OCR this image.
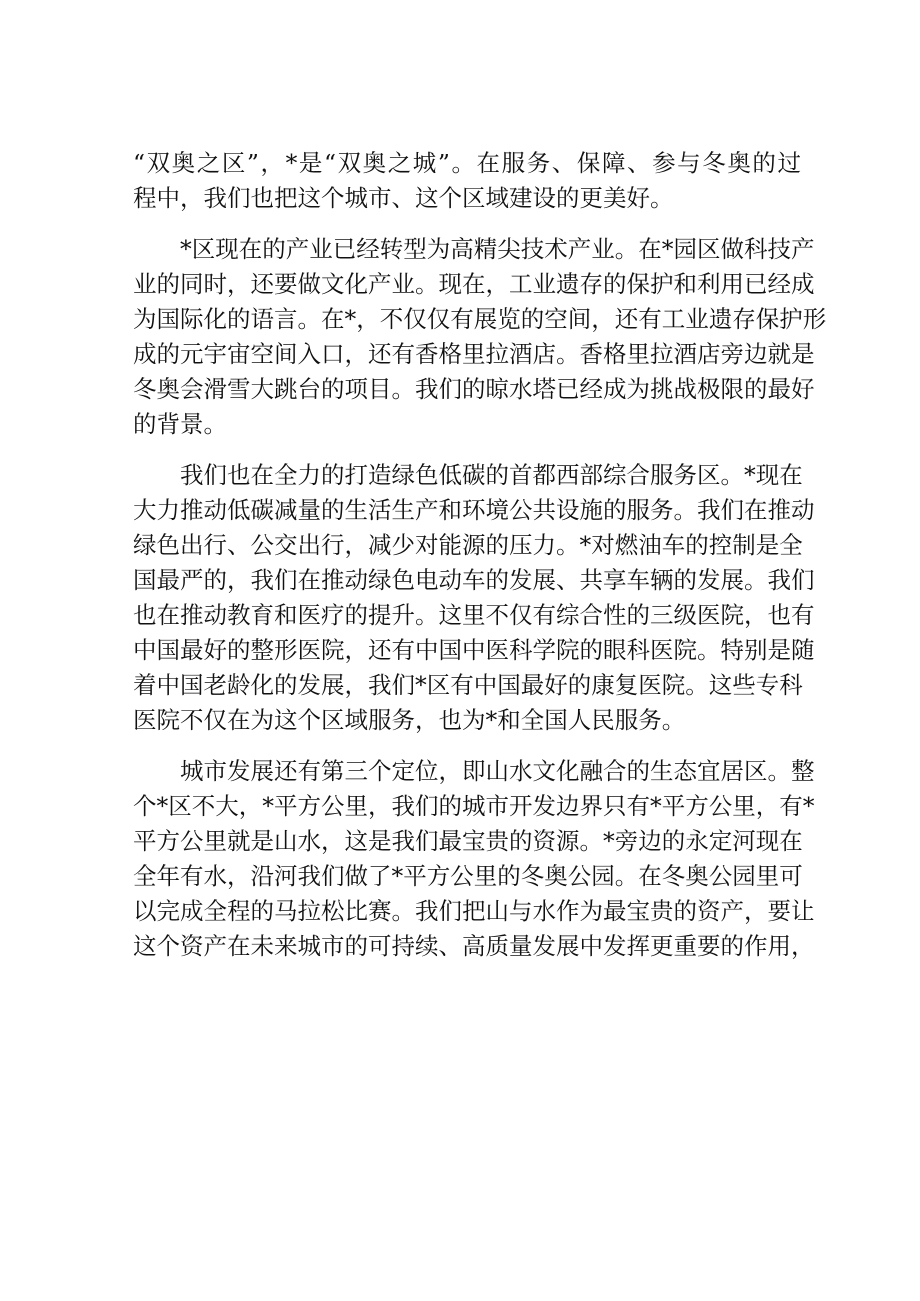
“双奥之区”，*是“双奥之城”。在服务、保障、参与冬奥的过
程中，我们也把这个城市、这个区域建设的更美好。

*区现在的产业已经转型为高精尖技术产业。在*园区做科技产
业的同时，还要做文化产业。现在，工业遗存的保护和利用已经成
为国际化的语言。在*，不仅仅有展览的空间，还有工业遗存保护形
成的元宇宙空间入口，还有香格里拉酒店。香格里拉酒店旁边就是
冬奥会滑雪大跳台的项目。我们的晾水塔已经成为挑战极限的最好
的背景。

我们也在全力的打造绿色低碳的首都西部综合服务区。*现在
大力推动低碳减量的生活生产和环境公共设施的服务。我们在推动
绿色出行、公交出行，减少对能源的压力。*对燃油车的控制是全
国最严的，我们在推动绿色电动车的发展、共享车辆的发展。我们
也在推动教育和医疗的提升。这里不仅有综合性的三级医院，也有
中国最好的整形医院，还有中国中医科学院的眼科医院。特别是随
着中国老龄化的发展，我们*区有中国最好的康复医院。这些专科
医院不仅在为这个区域服务，也为*和全国人民服务。

城市发展还有第三个定位，即山水文化融合的生态宜居区。整
个*区不大，*平方公里，我们的城市开发边界只有*平方公里，有*
平方公里就是山水，这是我们最宝贵的资源。*旁边的永定河现在
全年有水，沿河我们做了*平方公里的冬奥公园。在冬奥公园里可
以完成全程的马拉松比赛。我们把山与水作为最宝贵的资产，要让
这个资产在未来城市的可持续、高质量发展中发挥更重要的作用，
